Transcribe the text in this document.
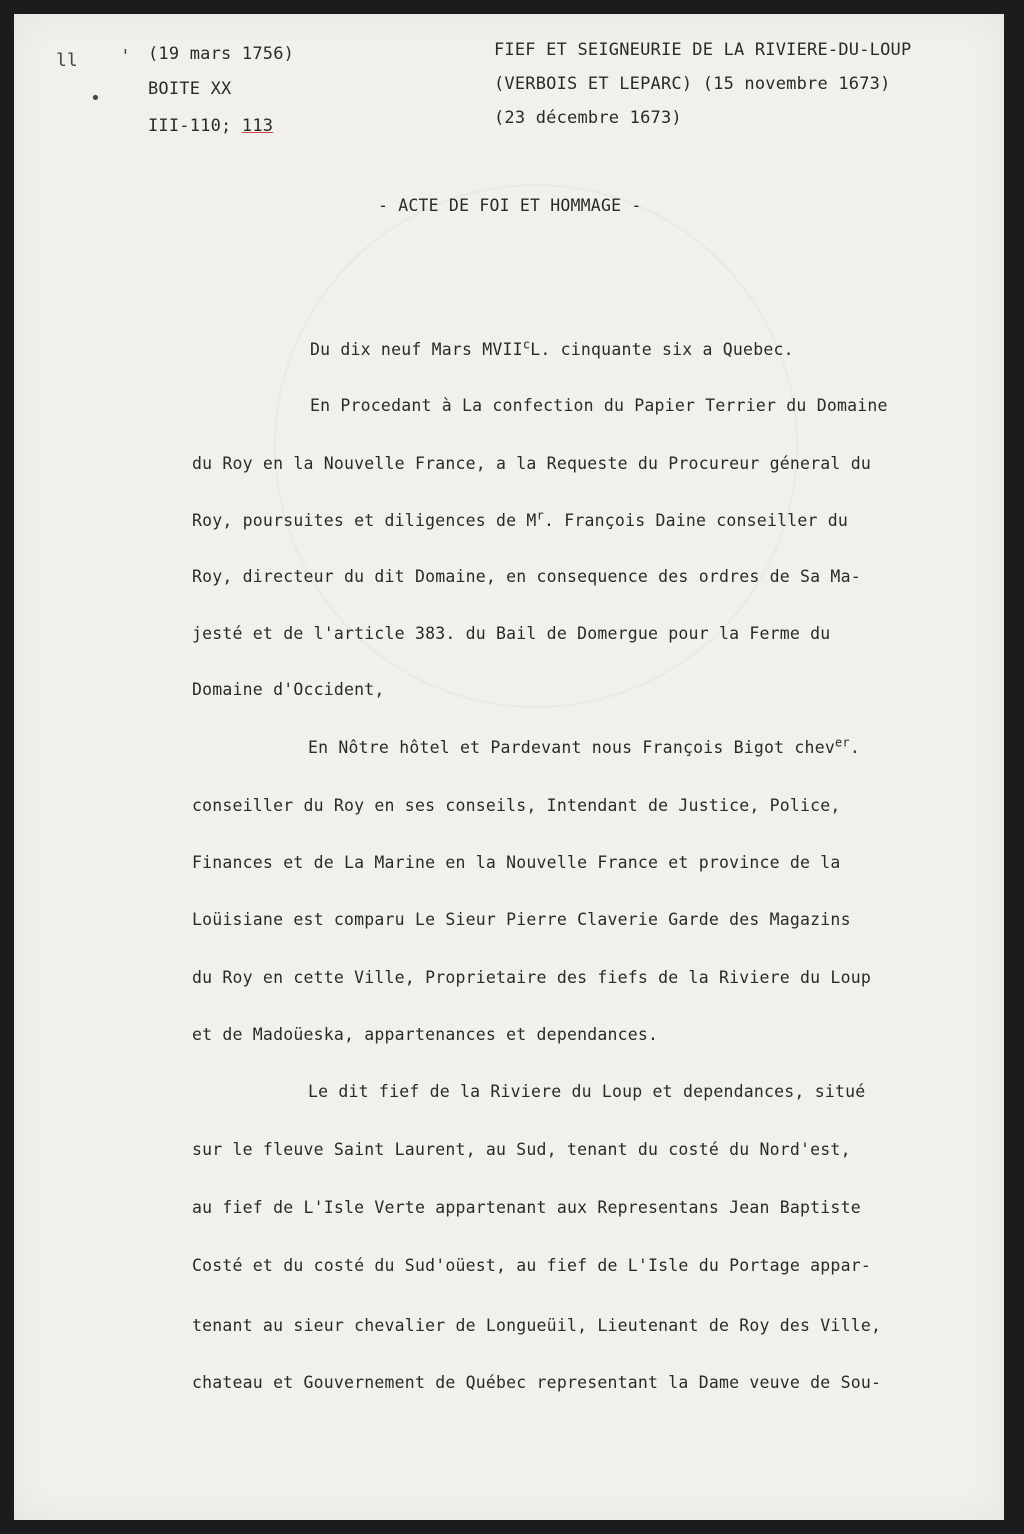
ll '
•
(19 mars 1756)
BOITE XX
III-110; 113
FIEF ET SEIGNEURIE DE LA RIVIERE-DU-LOUP
(VERBOIS ET LEPARC) (15 novembre 1673)
(23 décembre 1673)
- ACTE DE FOI ET HOMMAGE -
Du dix neuf Mars MVII$^c$L. cinquante six a Quebec.
En Procedant à La confection du Papier Terrier du Domaine
du Roy en la Nouvelle France, a la Requeste du Procureur géneral du
Roy, poursuites et diligences de $M^r$. François Daine conseiller du
Roy, directeur du dit Domaine, en consequence des ordres de Sa Ma-
jesté et de l'article 383. du Bail de Domergue pour la Ferme du
Domaine d'Occident,
En Nôtre hôtel et Pardevant nous François Bigot chev$^{er}$.
conseiller du Roy en ses conseils, Intendant de Justice, Police,
Finances et de La Marine en la Nouvelle France et province de la
Loüisiane est comparu Le Sieur Pierre Claverie Garde des Magazins
du Roy en cette Ville, Proprietaire des fiefs de la Riviere du Loup
et de Madoüeska, appartenances et dependances.
Le dit fief de la Riviere du Loup et dependances, situé
sur le fleuve Saint Laurent, au Sud, tenant du costé du Nord'est,
au fief de L'Isle Verte appartenant aux Representans Jean Baptiste
Costé et du costé du Sud'oüest, au fief de L'Isle du Portage appar-
tenant au sieur chevalier de Longueüil, Lieutenant de Roy des Ville,
chateau et Gouvernement de Québec representant la Dame veuve de Sou-
